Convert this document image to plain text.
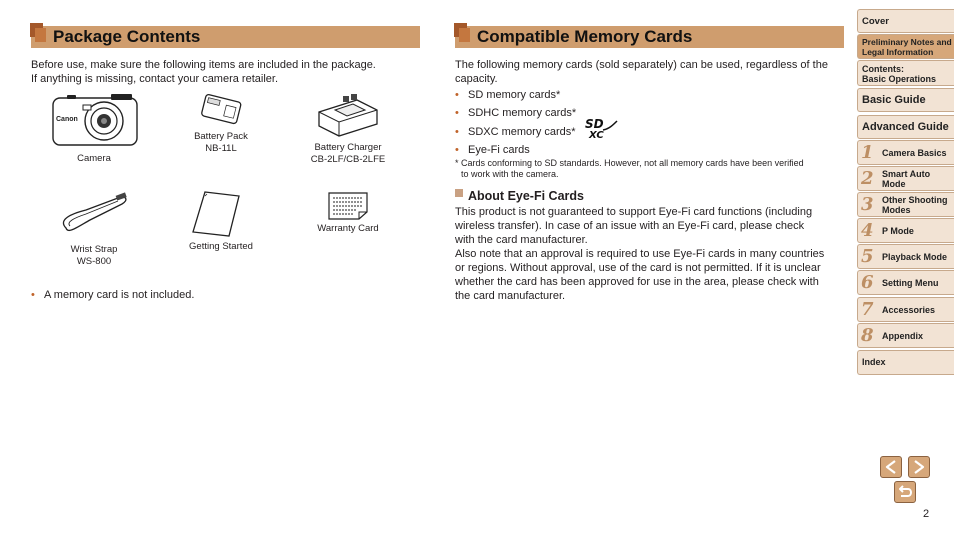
Package Contents
Before use, make sure the following items are included in the package.
If anything is missing, contact your camera retailer.
Canon
Camera
Battery Pack
NB-11L	Battery Charger
CB-2LF/CB-2LFE
Wrist Strap
WS-800
Getting Started
Warranty Card
• A memory card is not included.
Compatible Memory Cards
The following memory cards (sold separately) can be used, regardless of the
capacity.
• SD memory cards*
• SDHC memory cards*
• SDXC memory cards*
SD
XC
• Eye-Fi cards
* Cards conforming to SD standards. However, not all memory cards have been verified
to work with the camera.
About Eye-Fi Cards
This product is not guaranteed to support Eye-Fi card functions (including
wireless transfer). In case of an issue with an Eye-Fi card, please check
with the card manufacturer.
Also note that an approval is required to use Eye-Fi cards in many countries
or regions. Without approval, use of the card is not permitted. If it is unclear
whether the card has been approved for use in the area, please check with
the card manufacturer.
Cover
Preliminary Notes and
Legal Information
Contents:
Basic Operations
Basic Guide
Advanced Guide
1 Camera Basics
2 Smart Auto
Mode
3 Other Shooting
Modes
4 P Mode
5 Playback Mode
6 Setting Menu
7 Accessories
8 Appendix
Index
2
